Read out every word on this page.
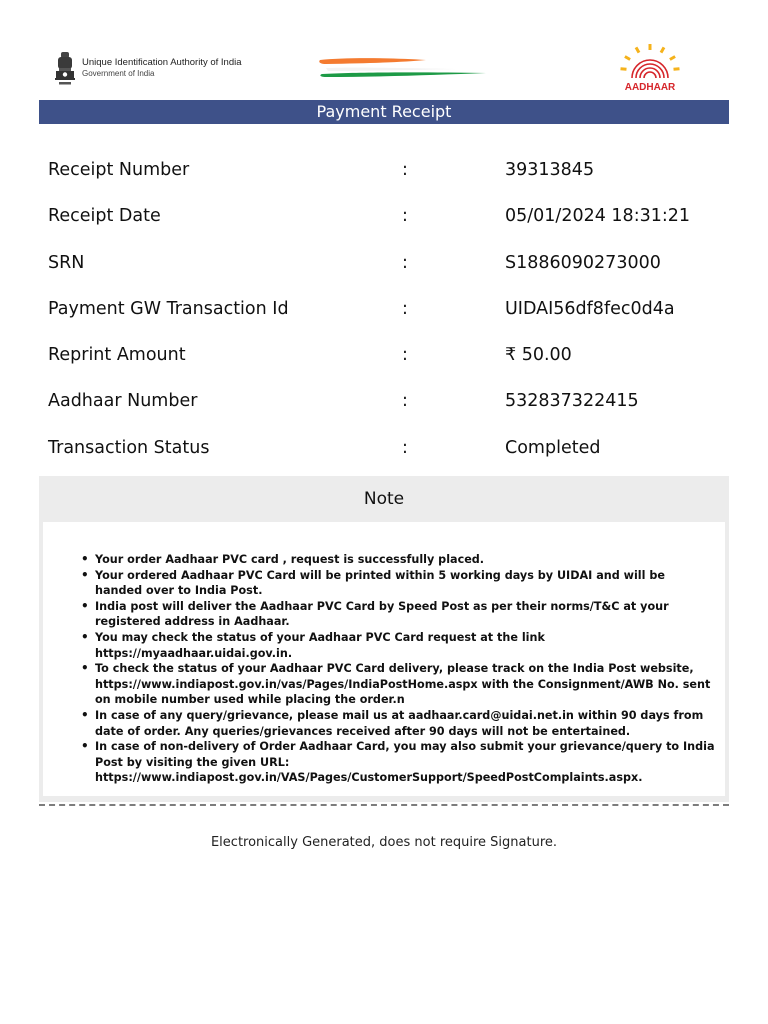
Unique Identification Authority of India
Government of India
AADHAAR
Payment Receipt
Receipt Number	:	39313845
Receipt Date	:	05/01/2024 18:31:21
SRN	:	S1886090273000
Payment GW Transaction Id	:	UIDAI56df8fec0d4a
Reprint Amount	:	₹ 50.00
Aadhaar Number	:	532837322415
Transaction Status	:	Completed
Note
• Your order Aadhaar PVC card , request is successfully placed.
• Your ordered Aadhaar PVC Card will be printed within 5 working days by UIDAI and will be handed over to India Post.
• India post will deliver the Aadhaar PVC Card by Speed Post as per their norms/T&C at your registered address in Aadhaar.
• You may check the status of your Aadhaar PVC Card request at the link https://myaadhaar.uidai.gov.in.
• To check the status of your Aadhaar PVC Card delivery, please track on the India Post website, https://www.indiapost.gov.in/vas/Pages/IndiaPostHome.aspx with the Consignment/AWB No. sent on mobile number used while placing the order.n
• In case of any query/grievance, please mail us at aadhaar.card@uidai.net.in within 90 days from date of order. Any queries/grievances received after 90 days will not be entertained.
• In case of non-delivery of Order Aadhaar Card, you may also submit your grievance/query to India Post by visiting the given URL: https://www.indiapost.gov.in/VAS/Pages/CustomerSupport/SpeedPostComplaints.aspx.
Electronically Generated, does not require Signature.
